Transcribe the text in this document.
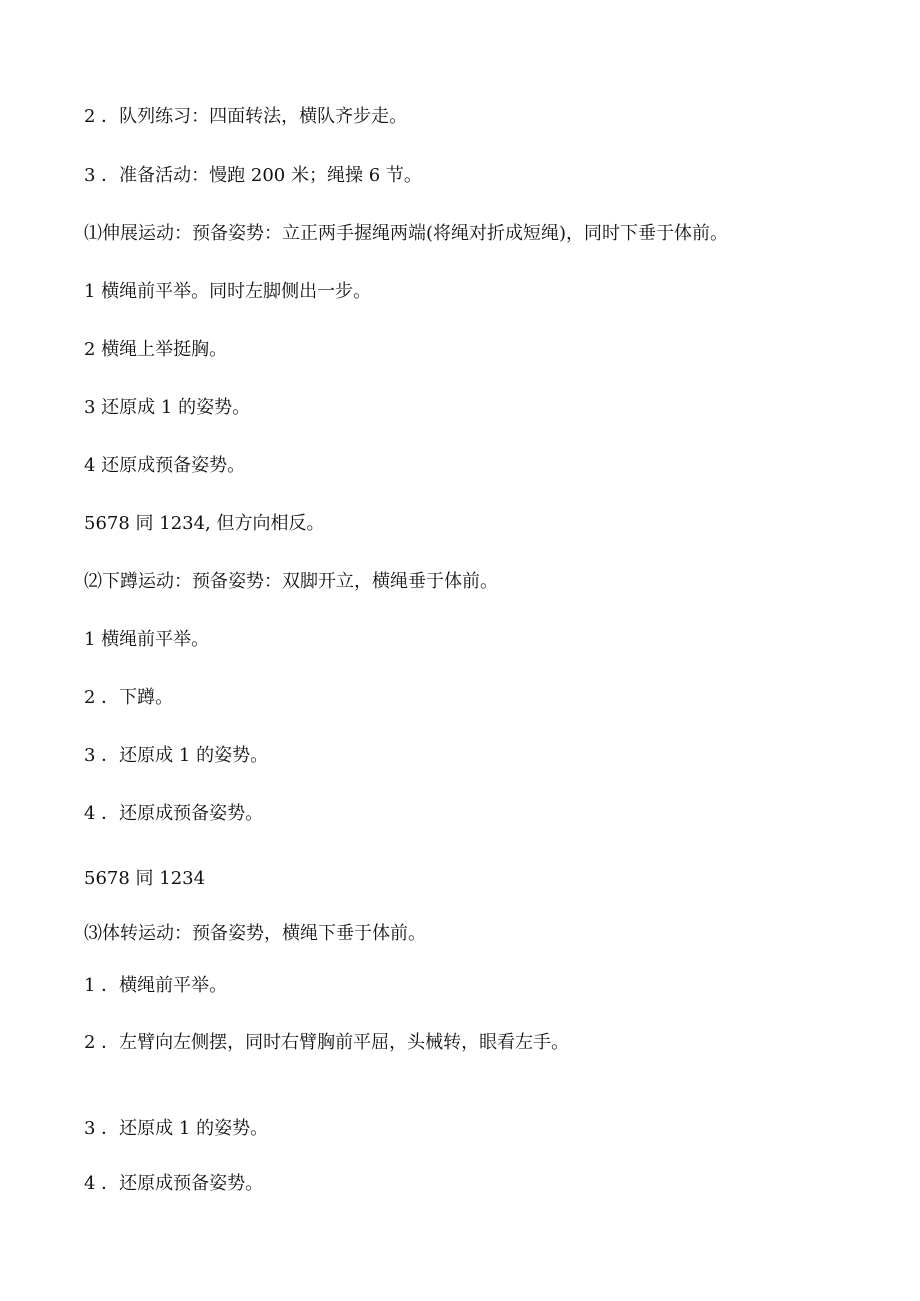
2 ．队列练习：四面转法，横队齐步走。

3 ．准备活动：慢跑 200 米；绳操 6 节。

⑴伸展运动：预备姿势：立正两手握绳两端(将绳对折成短绳)，同时下垂于体前。

1 横绳前平举。同时左脚侧出一步。

2 横绳上举挺胸。

3 还原成 1 的姿势。

4 还原成预备姿势。

5678 同 1234, 但方向相反。

⑵下蹲运动：预备姿势：双脚开立，横绳垂于体前。

1 横绳前平举。

2 ．下蹲。

3 ．还原成 1 的姿势。

4 ．还原成预备姿势。

5678 同 1234

⑶体转运动：预备姿势，横绳下垂于体前。

1 ．横绳前平举。

2 ．左臂向左侧摆，同时右臂胸前平屈，头械转，眼看左手。

3 ．还原成 1 的姿势。

4 ．还原成预备姿势。
